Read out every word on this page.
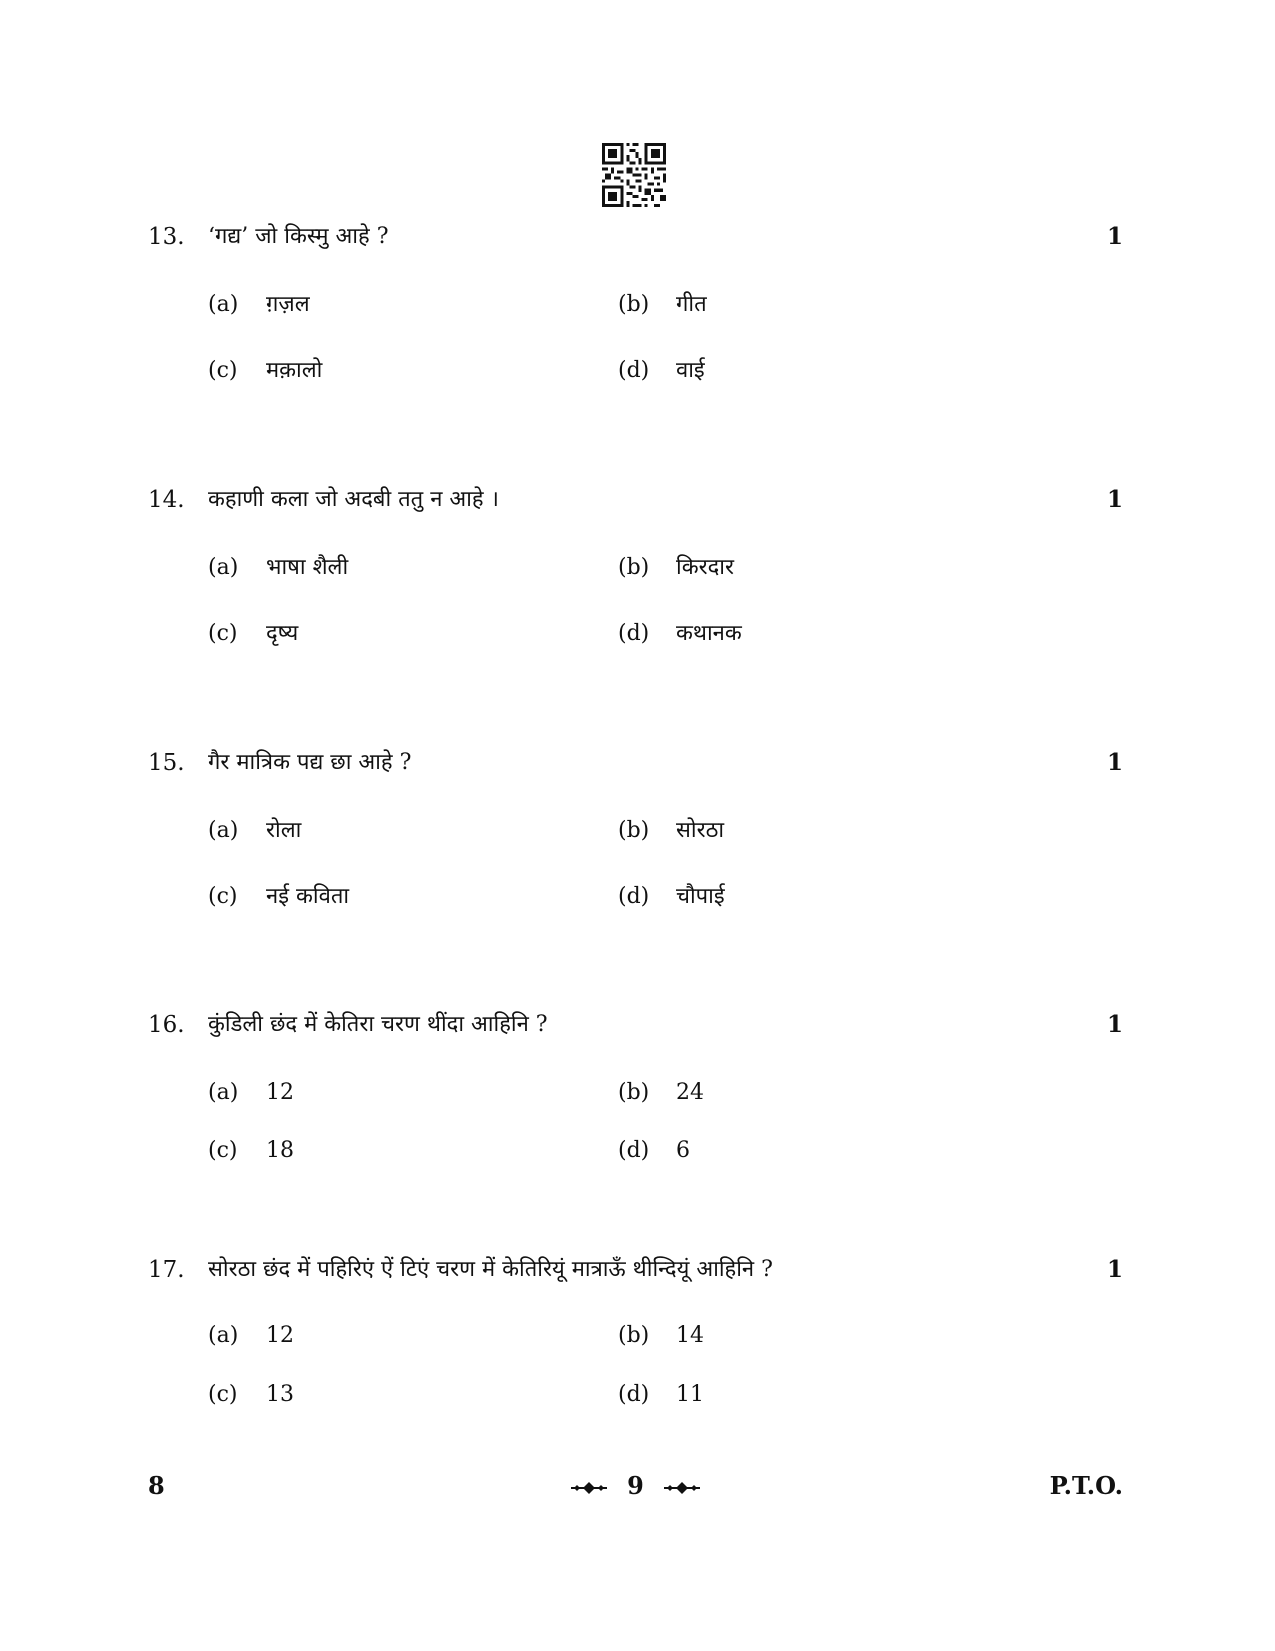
13. ‘गद्य’ जो किस्मु आहे ?	1
(a) ग़ज़ल	(b) गीत
(c) मक़ालो	(d) वाई
14. कहाणी कला जो अदबी ततु न आहे ।	1
(a) भाषा शैली	(b) किरदार
(c) दृष्य	(d) कथानक
15. गैर मात्रिक पद्य छा आहे ?	1
(a) रोला	(b) सोरठा
(c) नई कविता	(d) चौपाई
16. कुंडिली छंद में केतिरा चरण थींदा आहिनि ?	1
(a) 12	(b) 24
(c) 18	(d) 6
17. सोरठा छंद में पहिरिएं ऐं टिएं चरण में केतिरियूं मात्राऊँ थीन्दियूं आहिनि ?	1
(a) 12	(b) 14
(c) 13	(d) 11
8	9	P.T.O.
